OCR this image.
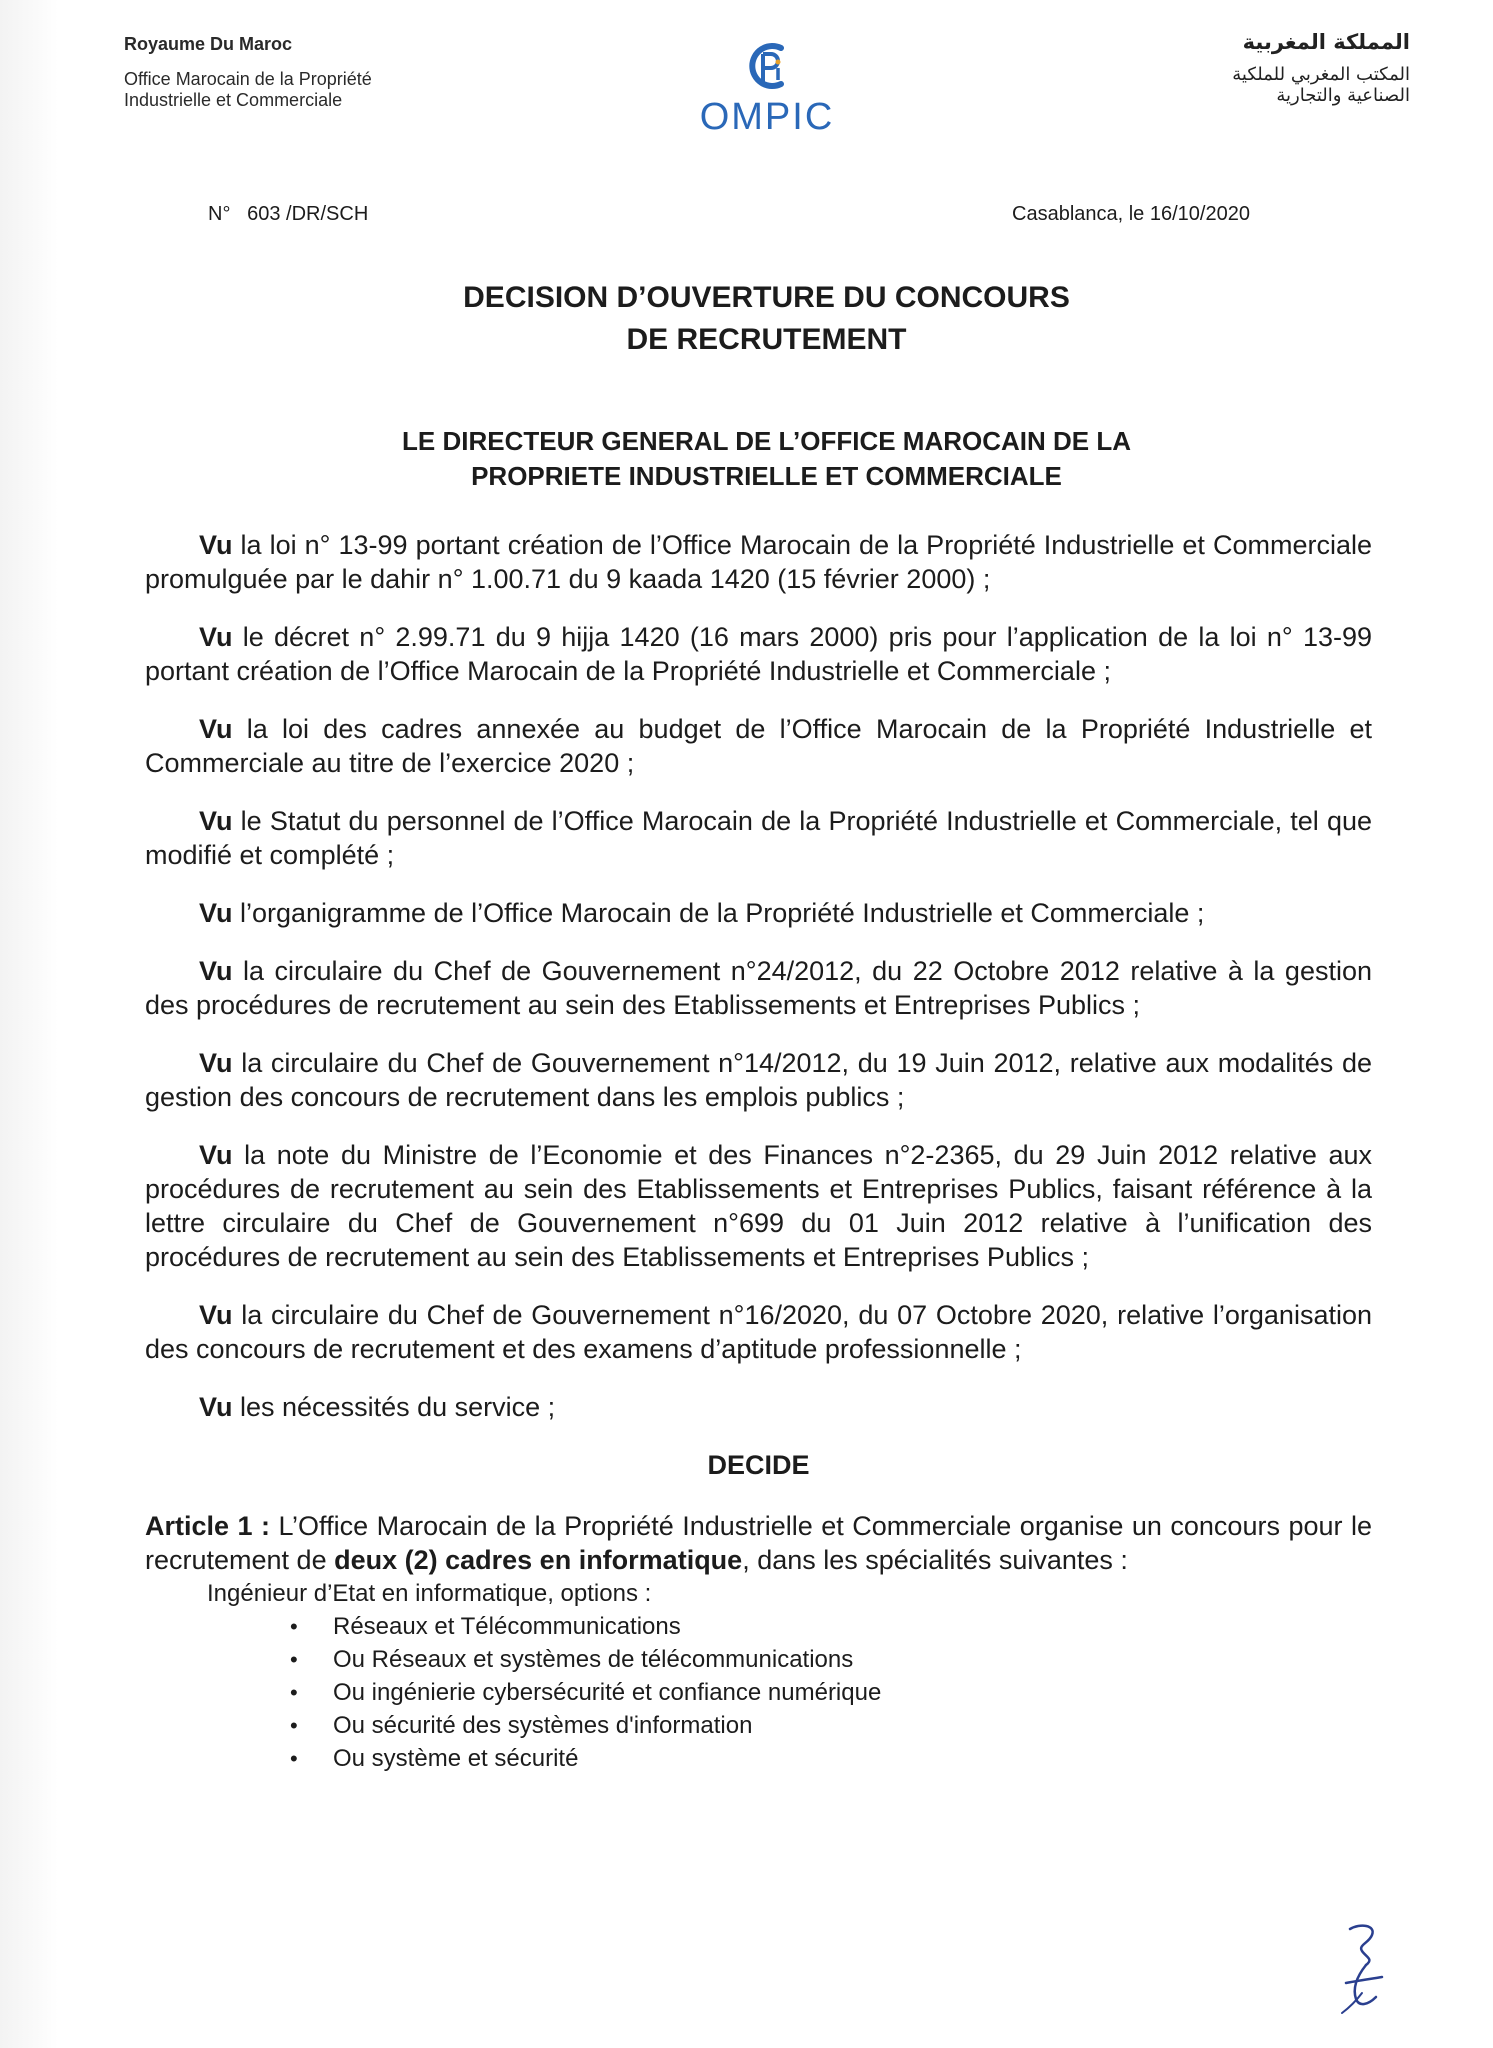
Royaume Du Maroc
Office Marocain de la Propriété
Industrielle et Commerciale	OMPIC
المملكة المغربية
المكتب المغربي للملكية
الصناعية والتجارية
N° 603 /DR/SCH	Casablanca, le 16/10/2020
DECISION D’OUVERTURE DU CONCOURS
DE RECRUTEMENT
LE DIRECTEUR GENERAL DE L’OFFICE MAROCAIN DE LA
PROPRIETE INDUSTRIELLE ET COMMERCIALE

Vu la loi n° 13-99 portant création de l’Office Marocain de la Propriété Industrielle et Commerciale promulguée par le dahir n° 1.00.71 du 9 kaada 1420 (15 février 2000) ;

Vu le décret n° 2.99.71 du 9 hijja 1420 (16 mars 2000) pris pour l’application de la loi n° 13-99 portant création de l’Office Marocain de la Propriété Industrielle et Commerciale ;

Vu la loi des cadres annexée au budget de l’Office Marocain de la Propriété Industrielle et Commerciale au titre de l’exercice 2020 ;

Vu le Statut du personnel de l’Office Marocain de la Propriété Industrielle et Commerciale, tel que modifié et complété ;

Vu l’organigramme de l’Office Marocain de la Propriété Industrielle et Commerciale ;

Vu la circulaire du Chef de Gouvernement n°24/2012, du 22 Octobre 2012 relative à la gestion des procédures de recrutement au sein des Etablissements et Entreprises Publics ;

Vu la circulaire du Chef de Gouvernement n°14/2012, du 19 Juin 2012, relative aux modalités de gestion des concours de recrutement dans les emplois publics ;

Vu la note du Ministre de l’Economie et des Finances n°2-2365, du 29 Juin 2012 relative aux procédures de recrutement au sein des Etablissements et Entreprises Publics, faisant référence à la lettre circulaire du Chef de Gouvernement n°699 du 01 Juin 2012 relative à l’unification des procédures de recrutement au sein des Etablissements et Entreprises Publics ;

Vu la circulaire du Chef de Gouvernement n°16/2020, du 07 Octobre 2020, relative l’organisation des concours de recrutement et des examens d’aptitude professionnelle ;

Vu les nécessités du service ;

DECIDE

Article 1 : L’Office Marocain de la Propriété Industrielle et Commerciale organise un concours pour le recrutement de deux (2) cadres en informatique, dans les spécialités suivantes :

Ingénieur d’Etat en informatique, options :
• Réseaux et Télécommunications
• Ou Réseaux et systèmes de télécommunications
• Ou ingénierie cybersécurité et confiance numérique
• Ou sécurité des systèmes d'information
• Ou système et sécurité
